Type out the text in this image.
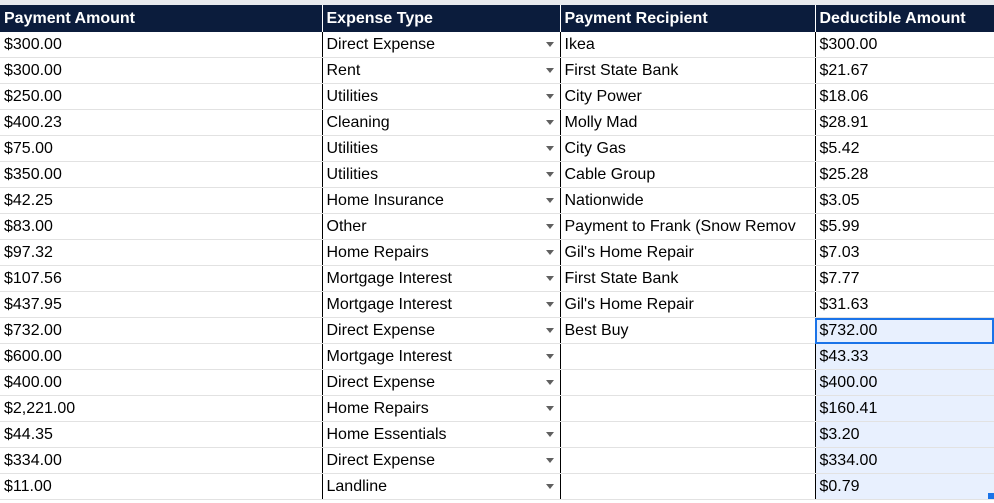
Payment Amount	Expense Type	Payment Recipient	Deductible Amount
$300.00	Direct Expense	Ikea	$300.00
$300.00	Rent	First State Bank	$21.67
$250.00	Utilities	City Power	$18.06
$400.23	Cleaning	Molly Mad	$28.91
$75.00	Utilities	City Gas	$5.42
$350.00	Utilities	Cable Group	$25.28
$42.25	Home Insurance	Nationwide	$3.05
$83.00	Other	Payment to Frank (Snow Remov	$5.99
$97.32	Home Repairs	Gil's Home Repair	$7.03
$107.56	Mortgage Interest	First State Bank	$7.77
$437.95	Mortgage Interest	Gil's Home Repair	$31.63
$732.00	Direct Expense	Best Buy	$732.00
$600.00	Mortgage Interest		$43.33
$400.00	Direct Expense		$400.00
$2,221.00	Home Repairs		$160.41
$44.35	Home Essentials		$3.20
$334.00	Direct Expense		$334.00
$11.00	Landline		$0.79
